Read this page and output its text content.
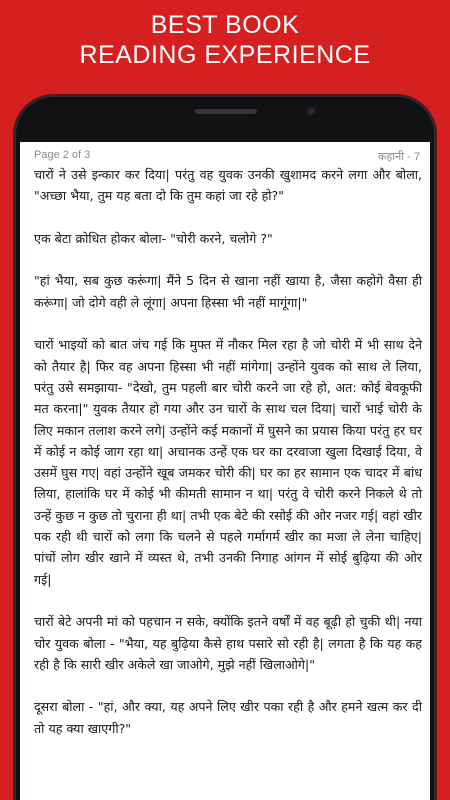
BEST BOOK
READING EXPERIENCE
Page 2 of 3	कहानी - 7

चारों ने उसे इन्कार कर दिया| परंतु वह युवक उनकी खुशामद करने लगा और बोला, "अच्छा भैया, तुम यह बता दो कि तुम कहां जा रहे हो?"

एक बेटा क्रोधित होकर बोला- "चोरी करने, चलोगे ?"

"हां भैया, सब कुछ करूंगा| मैंने 5 दिन से खाना नहीं खाया है, जैसा कहोगे वैसा ही करूंगा| जो दोगे वही ले लूंगा| अपना हिस्सा भी नहीं मागूंगा|"

चारों भाइयों को बात जंच गई कि मुफ्त में नौकर मिल रहा है जो चोरी में भी साथ देने को तैयार है| फिर वह अपना हिस्सा भी नहीं मांगेगा| उन्होंने युवक को साथ ले लिया, परंतु उसे समझाया- "देखो, तुम पहली बार चोरी करने जा रहे हो, अत: कोई बेवकूफी मत करना|" युवक तैयार हो गया और उन चारों के साथ चल दिया| चारों भाई चोरी के लिए मकान तलाश करने लगे| उन्होंने कई मकानों में घुसने का प्रयास किया परंतु हर घर में कोई न कोई जाग रहा था| अचानक उन्हें एक घर का दरवाजा खुला दिखाई दिया, वे उसमें घुस गए| वहां उन्होंने खूब जमकर चोरी की| घर का हर सामान एक चादर में बांध लिया, हालांकि घर में कोई भी कीमती सामान न था| परंतु वे चोरी करने निकले थे तो उन्हें कुछ न कुछ तो चुराना ही था| तभी एक बेटे की रसोई की ओर नजर गई| वहां खीर पक रही थी चारों को लगा कि चलने से पहले गर्मागर्म खीर का मजा ले लेना चाहिए| पांचों लोग खीर खाने में व्यस्त थे, तभी उनकी निगाह आंगन में सोई बुढ़िया की ओर गई|

चारों बेटे अपनी मां को पहचान न सके, क्योंकि इतने वर्षों में वह बूढ़ी हो चुकी थी| नया चोर युवक बोला - "भैया, यह बुढ़िया कैसे हाथ पसारे सो रही है| लगता है कि यह कह रही है कि सारी खीर अकेले खा जाओगे, मुझे नहीं खिलाओगे|"

दूसरा बोला - "हां, और क्या, यह अपने लिए खीर पका रही है और हमने खत्म कर दी तो यह क्या खाएगी?"
